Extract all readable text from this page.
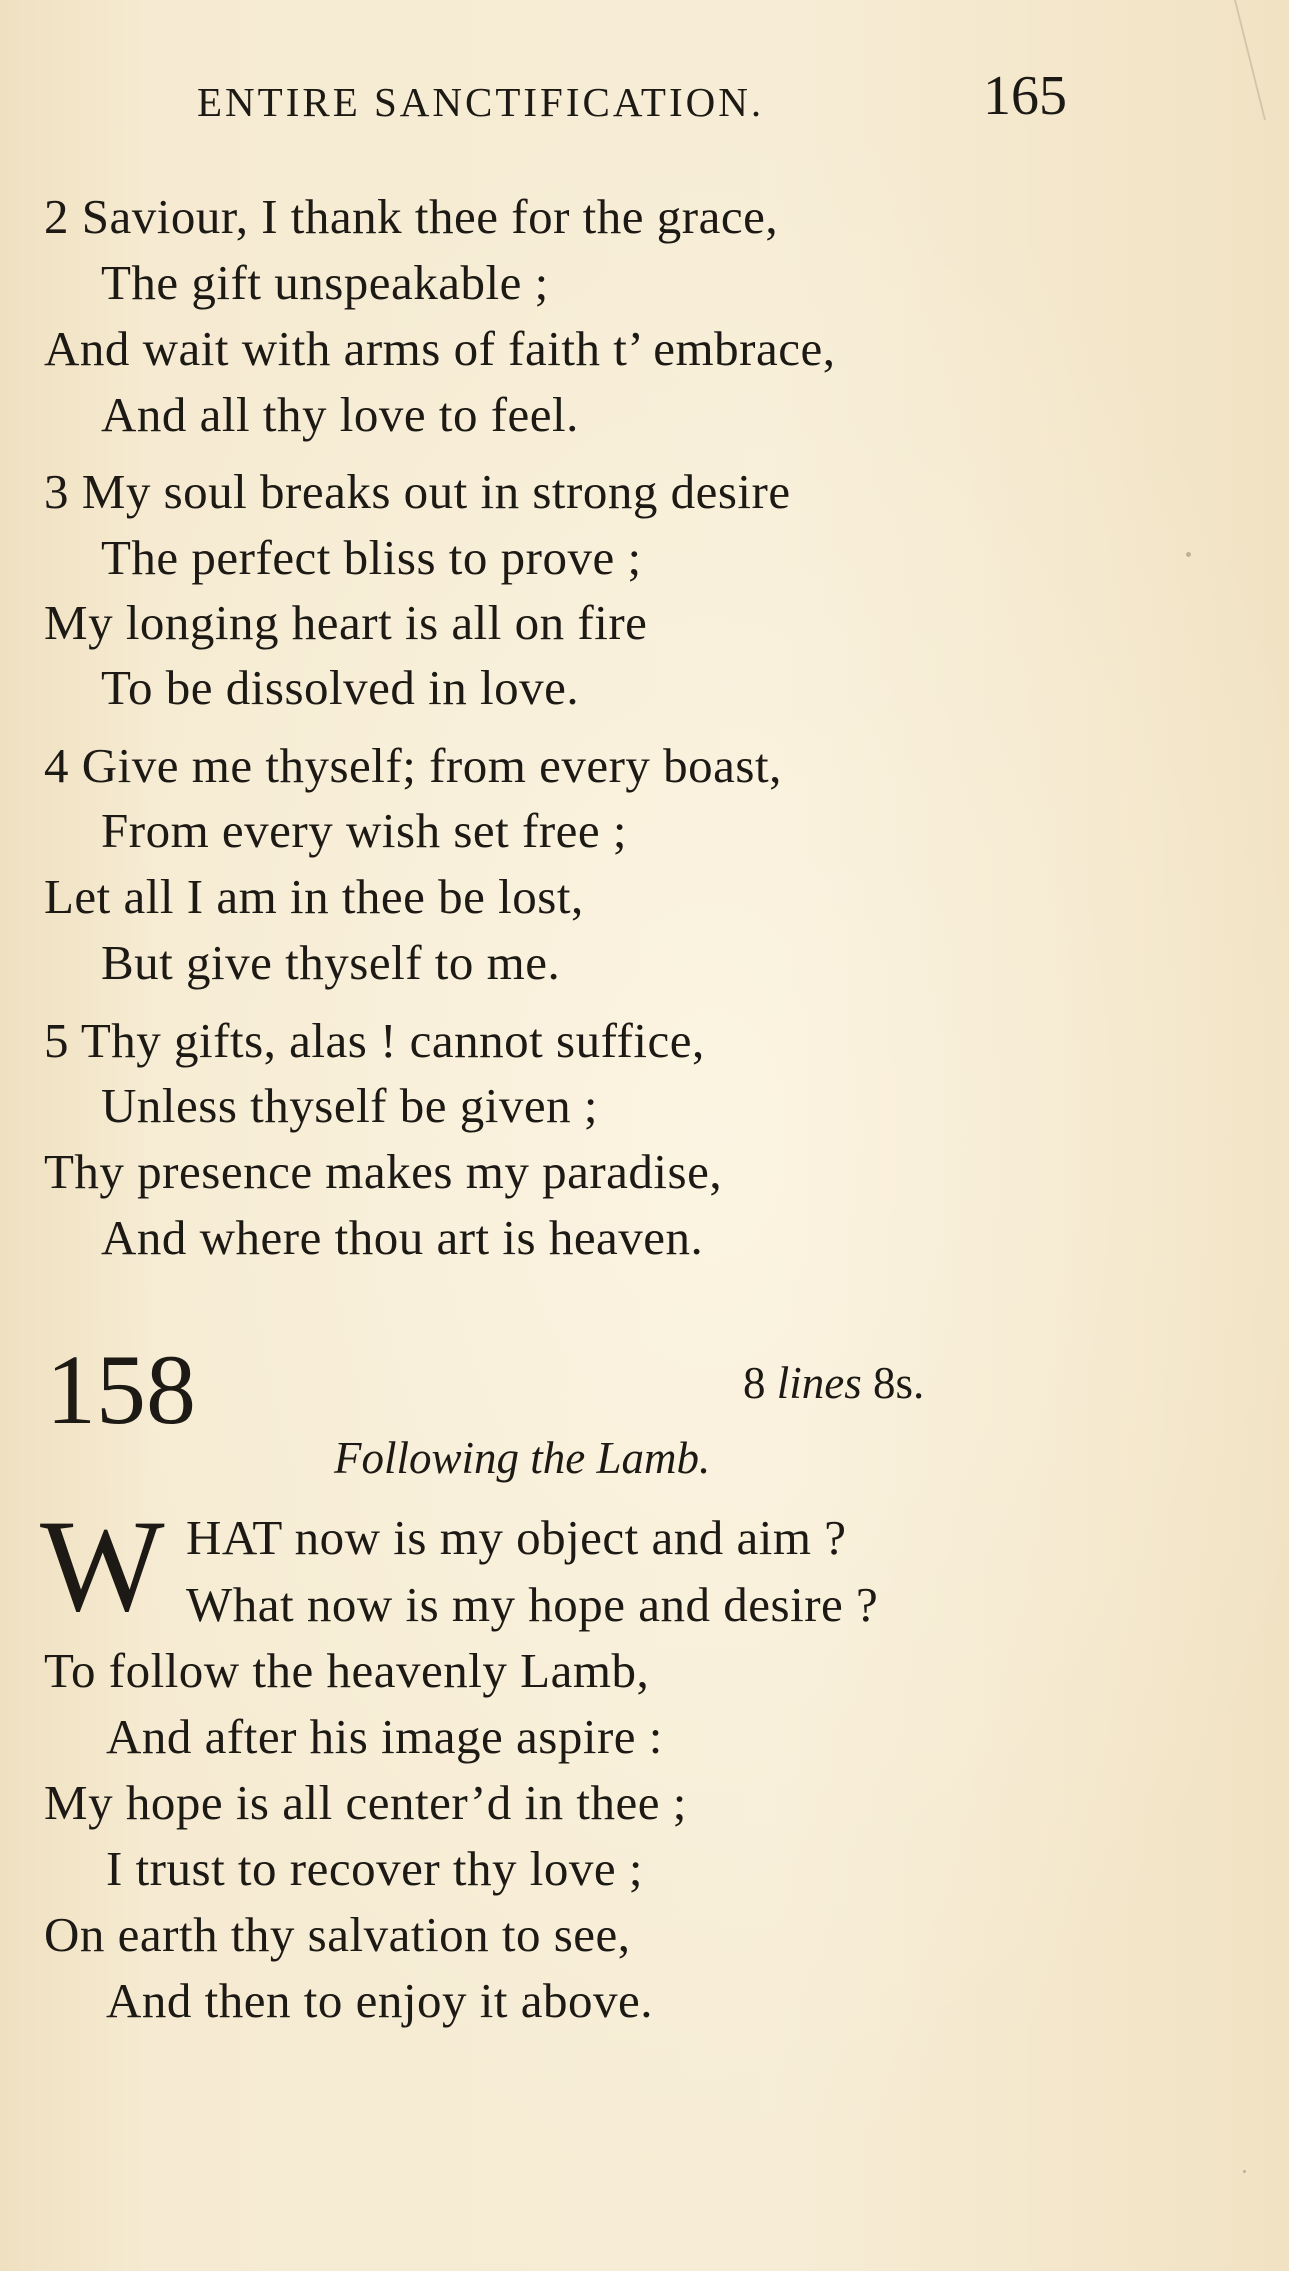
ENTIRE SANCTIFICATION.	165
2 Saviour, I thank thee for the grace,
The gift unspeakable ;
And wait with arms of faith t’ embrace,
And all thy love to feel.
3 My soul breaks out in strong desire
The perfect bliss to prove ;
My longing heart is all on fire
To be dissolved in love.
4 Give me thyself; from every boast,
From every wish set free ;
Let all I am in thee be lost,
But give thyself to me.
5 Thy gifts, alas ! cannot suffice,
Unless thyself be given ;
Thy presence makes my paradise,
And where thou art is heaven.
158	8 lines 8s.
Following the Lamb.
W HAT now is my object and aim ?
What now is my hope and desire ?
To follow the heavenly Lamb,
And after his image aspire :
My hope is all center’d in thee ;
I trust to recover thy love ;
On earth thy salvation to see,
And then to enjoy it above.
